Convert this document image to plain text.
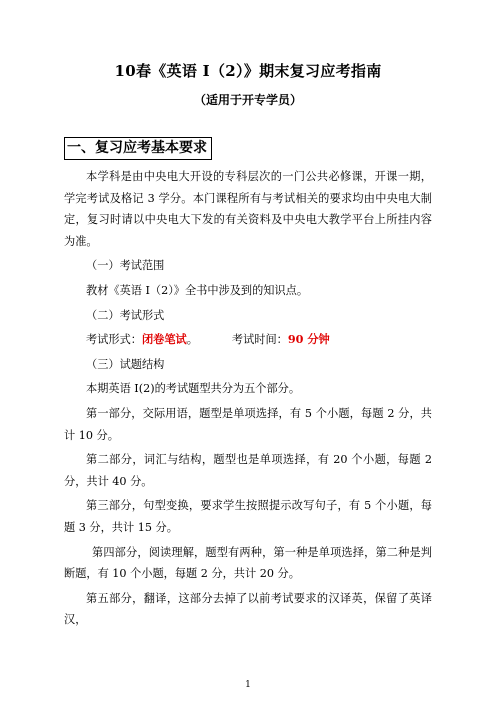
10春《英语 I（2）》期末复习应考指南
（适用于开专学员）
一、复习应考基本要求

本学科是由中央电大开设的专科层次的一门公共必修课，开课一期，学完考试及格记 3 学分。本门课程所有与考试相关的要求均由中央电大制定，复习时请以中央电大下发的有关资料及中央电大教学平台上所挂内容为准。

（一）考试范围

教材《英语 I（2）》全书中涉及到的知识点。

（二）考试形式

考试形式：闭卷笔试。	考试时间：90 分钟

（三）试题结构

本期英语 I(2)的考试题型共分为五个部分。

第一部分，交际用语，题型是单项选择，有 5 个小题，每题 2 分，共计 10 分。

第二部分，词汇与结构，题型也是单项选择，有 20 个小题，每题 2 分，共计 40 分。

第三部分，句型变换，要求学生按照提示改写句子，有 5 个小题，每题 3 分，共计 15 分。

第四部分，阅读理解，题型有两种，第一种是单项选择，第二种是判断题，有 10 个小题，每题 2 分，共计 20 分。

第五部分，翻译，这部分去掉了以前考试要求的汉译英，保留了英译汉，

1
